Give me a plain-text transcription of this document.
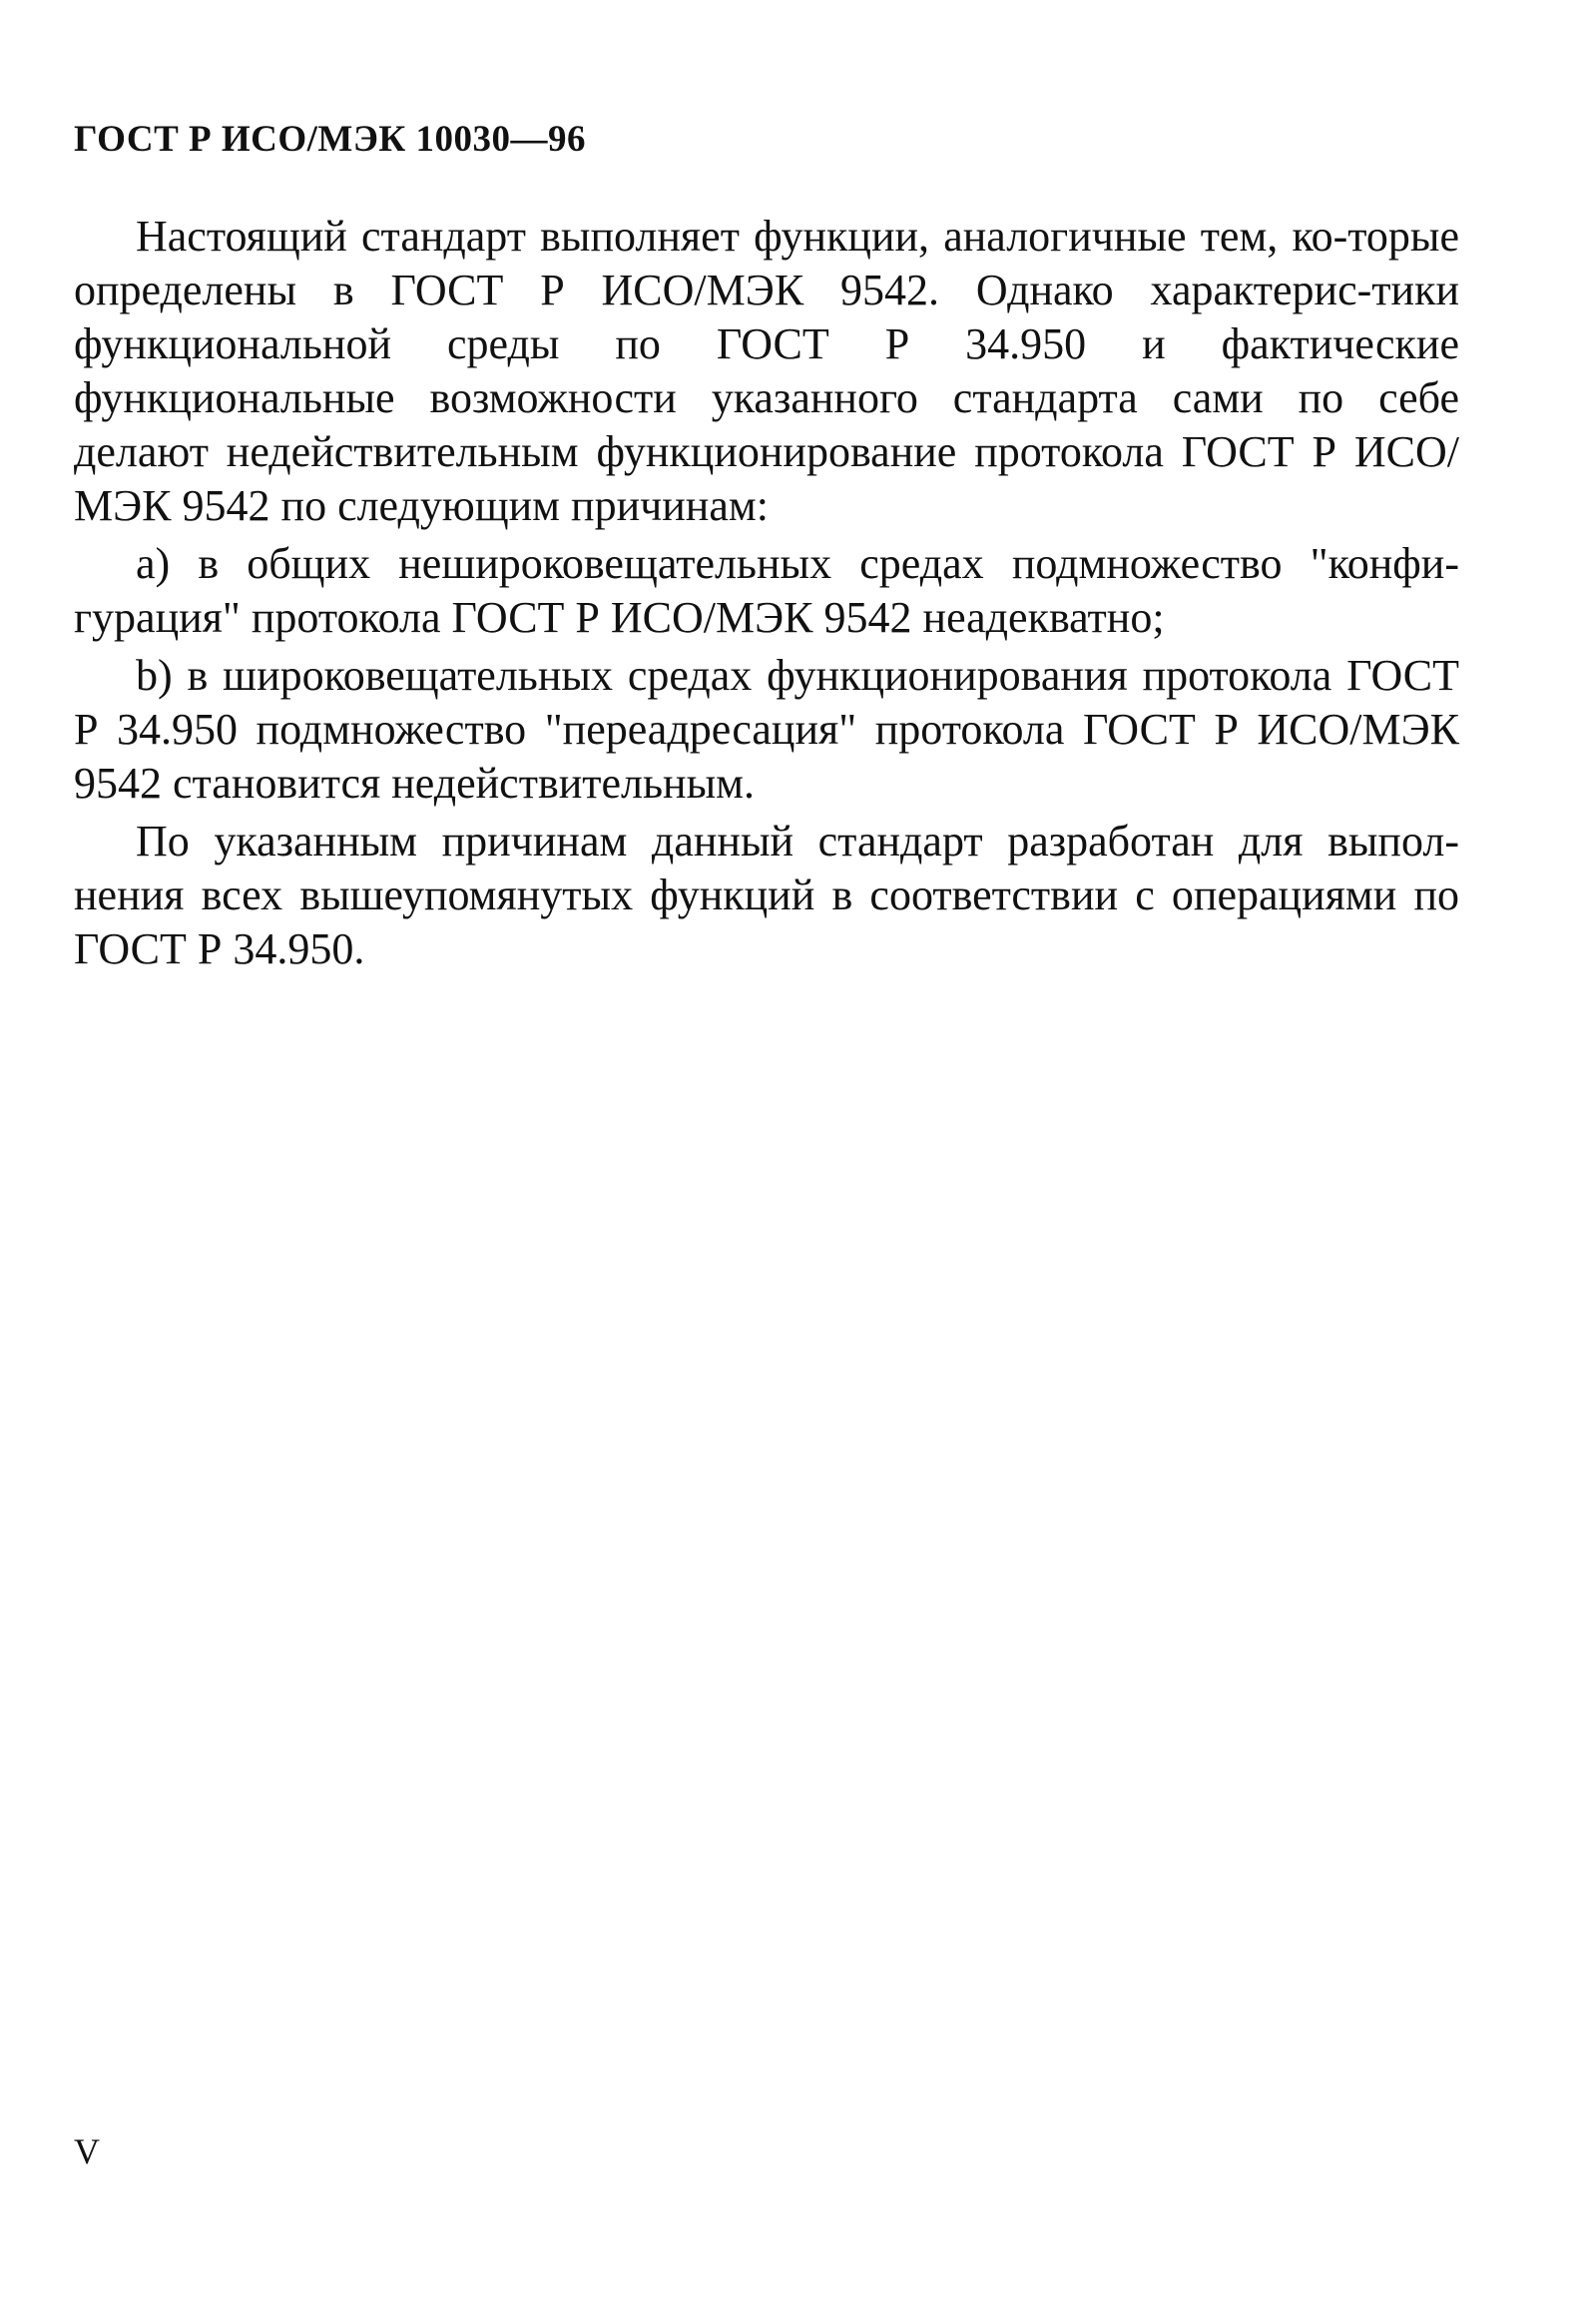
ГОСТ Р ИСО/МЭК 10030—96

Настоящий стандарт выполняет функции, аналогичные тем, ко-торые определены в ГОСТ Р ИСО/МЭК 9542. Однако характерис-тики функциональной среды по ГОСТ Р 34.950 и фактические функциональные возможности указанного стандарта сами по себе делают недействительным функционирование протокола ГОСТ Р ИСО/МЭК 9542 по следующим причинам:

а) в общих нешироковещательных средах подмножество "конфи-гурация" протокола ГОСТ Р ИСО/МЭК 9542 неадекватно;

b) в широковещательных средах функционирования протокола ГОСТ Р 34.950 подмножество "переадресация" протокола ГОСТ Р ИСО/МЭК 9542 становится недействительным.

По указанным причинам данный стандарт разработан для выпол-нения всех вышеупомянутых функций в соответствии с операциями по ГОСТ Р 34.950.

V
